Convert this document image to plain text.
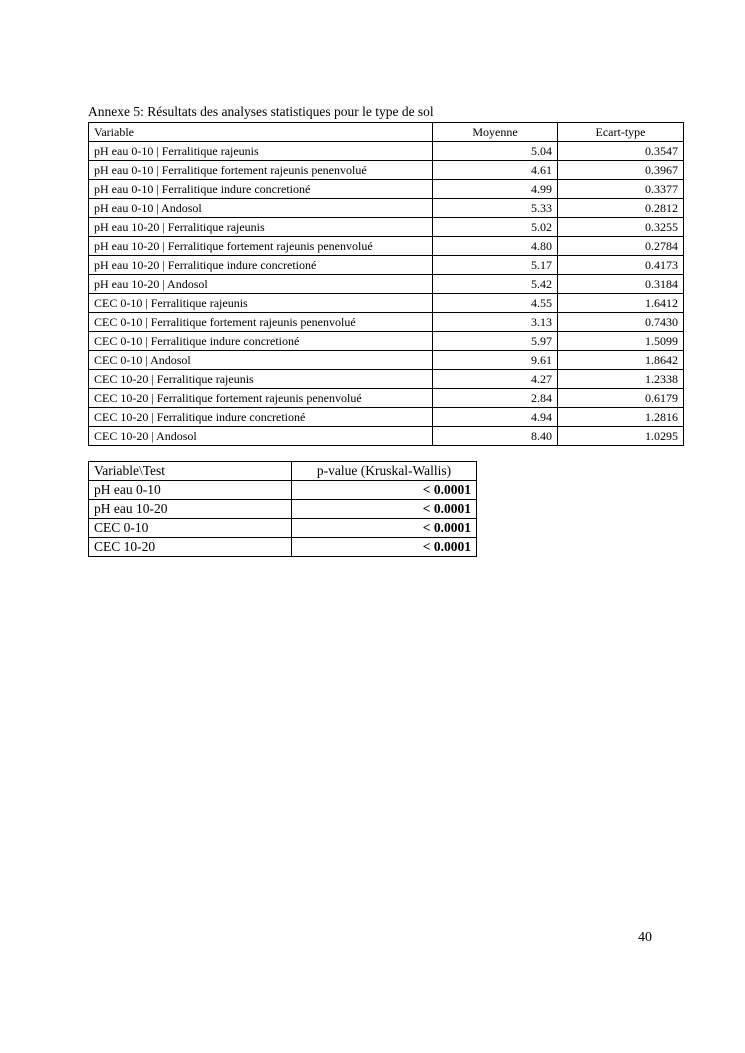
Annexe 5: Résultats des analyses statistiques pour le type de sol
Variable	Moyenne	Ecart-type
pH eau 0-10 | Ferralitique rajeunis	5.04	0.3547
pH eau 0-10 | Ferralitique fortement rajeunis penenvolué	4.61	0.3967
pH eau 0-10 | Ferralitique indure concretioné	4.99	0.3377
pH eau 0-10 | Andosol	5.33	0.2812
pH eau 10-20 | Ferralitique rajeunis	5.02	0.3255
pH eau 10-20 | Ferralitique fortement rajeunis penenvolué	4.80	0.2784
pH eau 10-20 | Ferralitique indure concretioné	5.17	0.4173
pH eau 10-20 | Andosol	5.42	0.3184
CEC 0-10 | Ferralitique rajeunis	4.55	1.6412
CEC 0-10 | Ferralitique fortement rajeunis penenvolué	3.13	0.7430
CEC 0-10 | Ferralitique indure concretioné	5.97	1.5099
CEC 0-10 | Andosol	9.61	1.8642
CEC 10-20 | Ferralitique rajeunis	4.27	1.2338
CEC 10-20 | Ferralitique fortement rajeunis penenvolué	2.84	0.6179
CEC 10-20 | Ferralitique indure concretioné	4.94	1.2816
CEC 10-20 | Andosol	8.40	1.0295
Variable\Test	p-value (Kruskal-Wallis)
pH eau 0-10	< 0.0001
pH eau 10-20	< 0.0001
CEC 0-10	< 0.0001
CEC 10-20	< 0.0001
40
